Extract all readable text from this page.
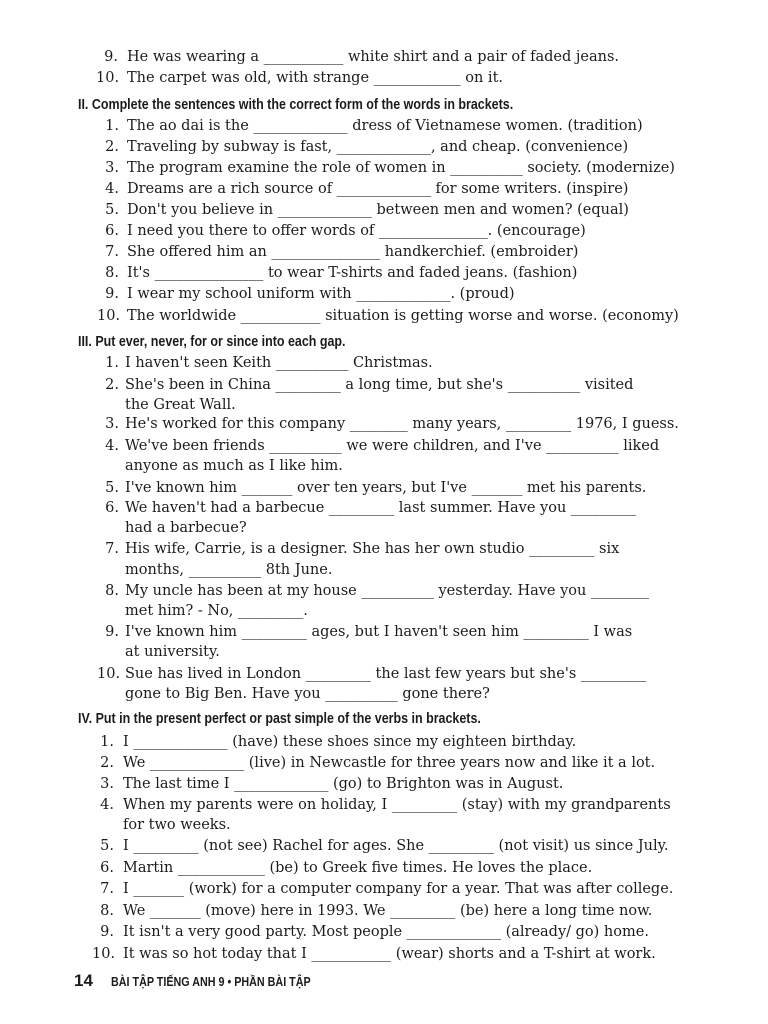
9. He was wearing a ___________ white shirt and a pair of faded jeans.
10. The carpet was old, with strange ____________ on it.
II. Complete the sentences with the correct form of the words in brackets.
1. The ao dai is the _____________ dress of Vietnamese women. (tradition)
2. Traveling by subway is fast, _____________, and cheap. (convenience)
3. The program examine the role of women in __________ society. (modernize)
4. Dreams are a rich source of _____________ for some writers. (inspire)
5. Don't you believe in _____________ between men and women? (equal)
6. I need you there to offer words of _______________. (encourage)
7. She offered him an _______________ handkerchief. (embroider)
8. It's _______________ to wear T-shirts and faded jeans. (fashion)
9. I wear my school uniform with _____________. (proud)
10. The worldwide ___________ situation is getting worse and worse. (economy)
III. Put ever, never, for or since into each gap.
1. I haven't seen Keith __________ Christmas.
2. She's been in China _________ a long time, but she's __________ visited
the Great Wall.
3. He's worked for this company ________ many years, _________ 1976, I guess.
4. We've been friends __________ we were children, and I've __________ liked
anyone as much as I like him.
5. I've known him _______ over ten years, but I've _______ met his parents.
6. We haven't had a barbecue _________ last summer. Have you _________
had a barbecue?
7. His wife, Carrie, is a designer. She has her own studio _________ six
months, __________ 8th June.
8. My uncle has been at my house __________ yesterday. Have you ________
met him? - No, _________.
9. I've known him _________ ages, but I haven't seen him _________ I was
at university.
10. Sue has lived in London _________ the last few years but she's _________
gone to Big Ben. Have you __________ gone there?
IV. Put in the present perfect or past simple of the verbs in brackets.
1. I _____________ (have) these shoes since my eighteen birthday.
2. We _____________ (live) in Newcastle for three years now and like it a lot.
3. The last time I _____________ (go) to Brighton was in August.
4. When my parents were on holiday, I _________ (stay) with my grandparents
for two weeks.
5. I _________ (not see) Rachel for ages. She _________ (not visit) us since July.
6. Martin ____________ (be) to Greek five times. He loves the place.
7. I _______ (work) for a computer company for a year. That was after college.
8. We _______ (move) here in 1993. We _________ (be) here a long time now.
9. It isn't a very good party. Most people _____________ (already/ go) home.
10. It was so hot today that I ___________ (wear) shorts and a T-shirt at work.
14 BÀI TẬP TIẾNG ANH 9 • PHẦN BÀI TẬP
